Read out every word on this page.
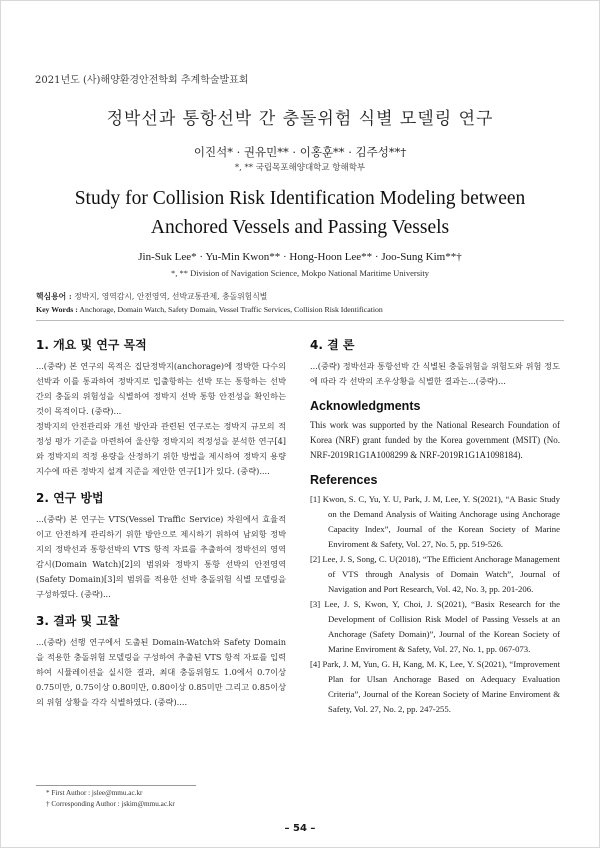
2021년도 (사)해양환경안전학회 추계학술발표회
정박선과 통항선박 간 충돌위험 식별 모델링 연구
이진석* · 권유민** · 이홍훈** · 김주성**†
*, ** 국립목포해양대학교 항해학부
Study for Collision Risk Identification Modeling between Anchored Vessels and Passing Vessels
Jin-Suk Lee* · Yu-Min Kwon** · Hong-Hoon Lee** · Joo-Sung Kim**†
*, ** Division of Navigation Science, Mokpo National Maritime University
핵심용어 : 정박지, 영역감시, 안전영역, 선박교통관제, 충돌위험식별
Key Words : Anchorage, Domain Watch, Safety Domain, Vessel Traffic Services, Collision Risk Identification
1. 개요 및 연구 목적

...(중략) 본 연구의 목적은 집단정박지(anchorage)에 정박한 다수의 선박과 이를 통과하여 정박지로 입출항하는 선박 또는 통항하는 선박간의 충돌의 위험성을 식별하여 정박지 선박 통항 안전성을 확인하는 것이 목적이다. (중략)...

정박지의 안전관리와 개선 방안과 관련된 연구로는 정박지 규모의 적정성 평가 기준을 마련하여 울산항 정박지의 적정성을 분석한 연구[4]와 정박지의 적정 용량을 산정하기 위한 방법을 제시하여 정박지 용량지수에 따른 정박지 설계 지준을 제안한 연구[1]가 있다. (중략)....

2. 연구 방법

...(중략) 본 연구는 VTS(Vessel Traffic Service) 차원에서 효율적이고 안전하게 관리하기 위한 방안으로 제시하기 위하여 남외항 정박지의 정박선과 통항선박의 VTS 항적 자료를 추출하여 정박선의 영역감시(Domain Watch)[2]의 범위와 정박지 통항 선박의 안전영역(Safety Domain)[3]의 범위를 적용한 선박 충돌위험 식별 모델링을 구성하였다. (중략)...

3. 결과 및 고찰

...(중략) 선행 연구에서 도출된 Domain-Watch와 Safety Domain을 적용한 충돌위험 모델링을 구성하여 추출된 VTS 항적 자료를 입력하여 시뮬레이션을 실시한 결과, 최대 충돌위험도 1.0에서 0.7이상 0.75미만, 0.75이상 0.80미만, 0.80이상 0.85미만 그리고 0.85이상의 위험 상황을 각각 식별하였다. (중략)....

4. 결 론

...(중략) 정박선과 통항선박 간 식별된 충돌위험을 위험도와 위험 정도에 따라 각 선박의 조우상황을 식별한 결과는...(중략)...

Acknowledgments

This work was supported by the National Research Foundation of Korea (NRF) grant funded by the Korea government (MSIT) (No. NRF-2019R1G1A1008299 & NRF-2019R1G1A1098184).

References

[1] Kwon, S. C, Yu, Y. U, Park, J. M, Lee, Y. S(2021), “A Basic Study on the Demand Analysis of Waiting Anchorage using Anchorage Capacity Index”, Journal of the Korean Society of Marine Enviroment & Safety, Vol. 27, No. 5, pp. 519-526.

[2] Lee, J. S, Song, C. U(2018), “The Efficient Anchorage Management of VTS through Analysis of Domain Watch”, Journal of Navigation and Port Research, Vol. 42, No. 3, pp. 201-206.

[3] Lee, J. S, Kwon, Y, Choi, J. S(2021), “Basix Research for the Development of Collision Risk Model of Passing Vessels at an Anchorage (Safety Domain)”, Journal of the Korean Society of Marine Enviroment & Safety, Vol. 27, No. 1, pp. 067-073.

[4] Park, J. M, Yun, G. H, Kang, M. K, Lee, Y. S(2021), “Improvement Plan for Ulsan Anchorage Based on Adequacy Evaluation Criteria”, Journal of the Korean Society of Marine Enviroment & Safety, Vol. 27, No. 2, pp. 247-255.

* First Author : jslee@mmu.ac.kr
† Corresponding Author : jskim@mmu.ac.kr
– 54 –
